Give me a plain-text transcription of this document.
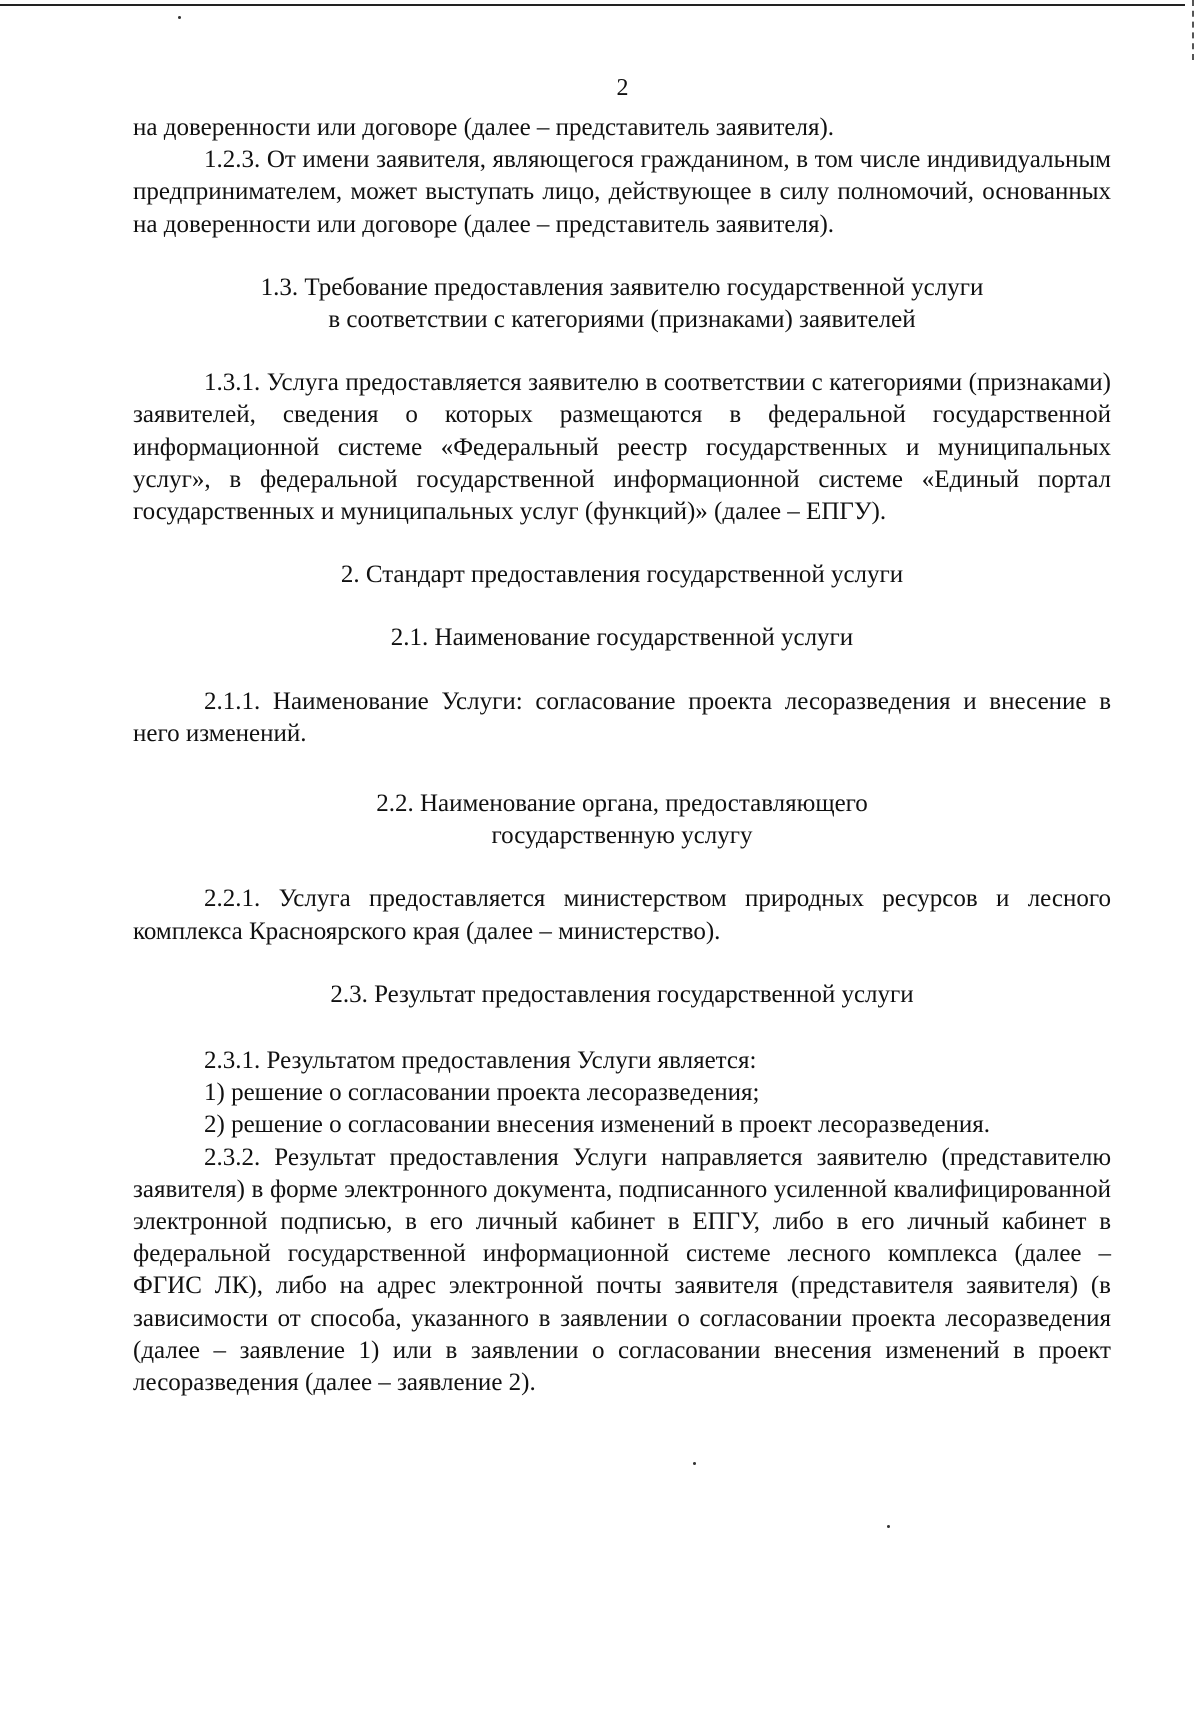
2

на доверенности или договоре (далее – представитель заявителя).

1.2.3. От имени заявителя, являющегося гражданином, в том числе индивидуальным предпринимателем, может выступать лицо, действующее в силу полномочий, основанных на доверенности или договоре (далее – представитель заявителя).

1.3. Требование предоставления заявителю государственной услуги
в соответствии с категориями (признаками) заявителей

1.3.1. Услуга предоставляется заявителю в соответствии с категориями (признаками) заявителей, сведения о которых размещаются в федеральной государственной информационной системе «Федеральный реестр государственных и муниципальных услуг», в федеральной государственной информационной системе «Единый портал государственных и муниципальных услуг (функций)» (далее – ЕПГУ).

2. Стандарт предоставления государственной услуги
2.1. Наименование государственной услуги

2.1.1. Наименование Услуги: согласование проекта лесоразведения и внесение в него изменений.

2.2. Наименование органа, предоставляющего
государственную услугу

2.2.1. Услуга предоставляется министерством природных ресурсов и лесного комплекса Красноярского края (далее – министерство).

2.3. Результат предоставления государственной услуги

2.3.1. Результатом предоставления Услуги является:

1) решение о согласовании проекта лесоразведения;

2) решение о согласовании внесения изменений в проект лесоразведения.

2.3.2. Результат предоставления Услуги направляется заявителю (представителю заявителя) в форме электронного документа, подписанного усиленной квалифицированной электронной подписью, в его личный кабинет в ЕПГУ, либо в его личный кабинет в федеральной государственной информационной системе лесного комплекса (далее – ФГИС ЛК), либо на адрес электронной почты заявителя (представителя заявителя) (в зависимости от способа, указанного в заявлении о согласовании проекта лесоразведения (далее – заявление 1) или в заявлении о согласовании внесения изменений в проект лесоразведения (далее – заявление 2).
